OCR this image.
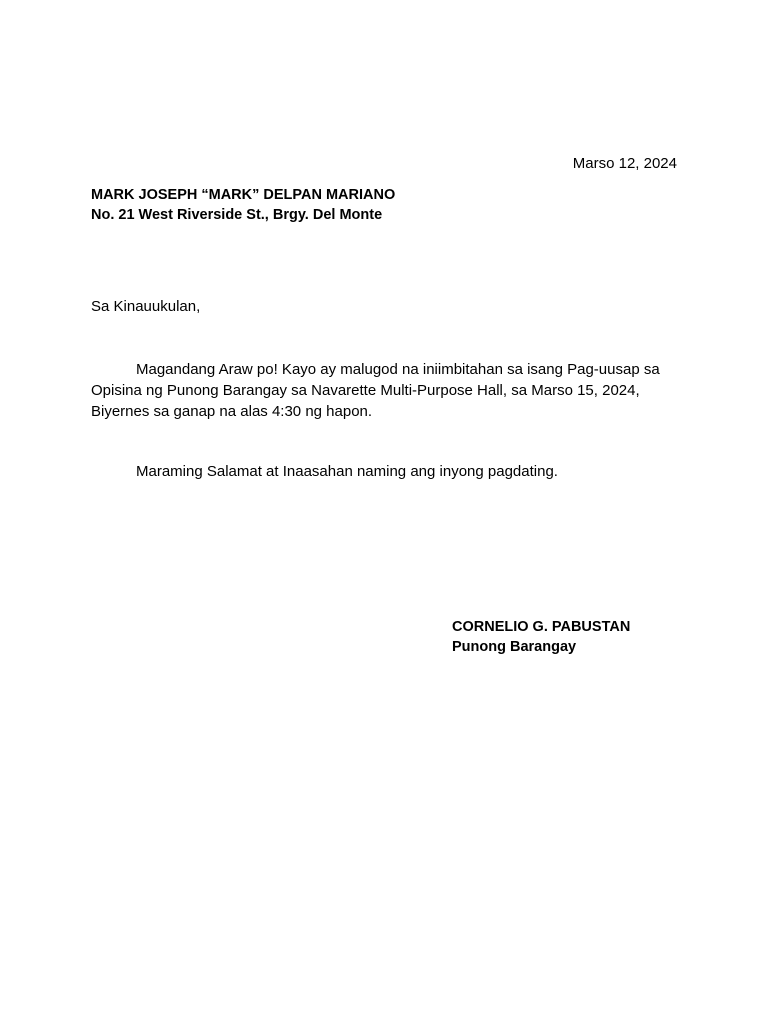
Marso 12, 2024
MARK JOSEPH “MARK” DELPAN MARIANO
No. 21 West Riverside St., Brgy. Del Monte
Sa Kinauukulan,
Magandang Araw po! Kayo ay malugod na iniimbitahan sa isang Pag-uusap sa Opisina ng Punong Barangay sa Navarette Multi-Purpose Hall, sa Marso 15, 2024, Biyernes sa ganap na alas 4:30 ng hapon.
Maraming Salamat at Inaasahan naming ang inyong pagdating.
CORNELIO G. PABUSTAN
Punong Barangay
